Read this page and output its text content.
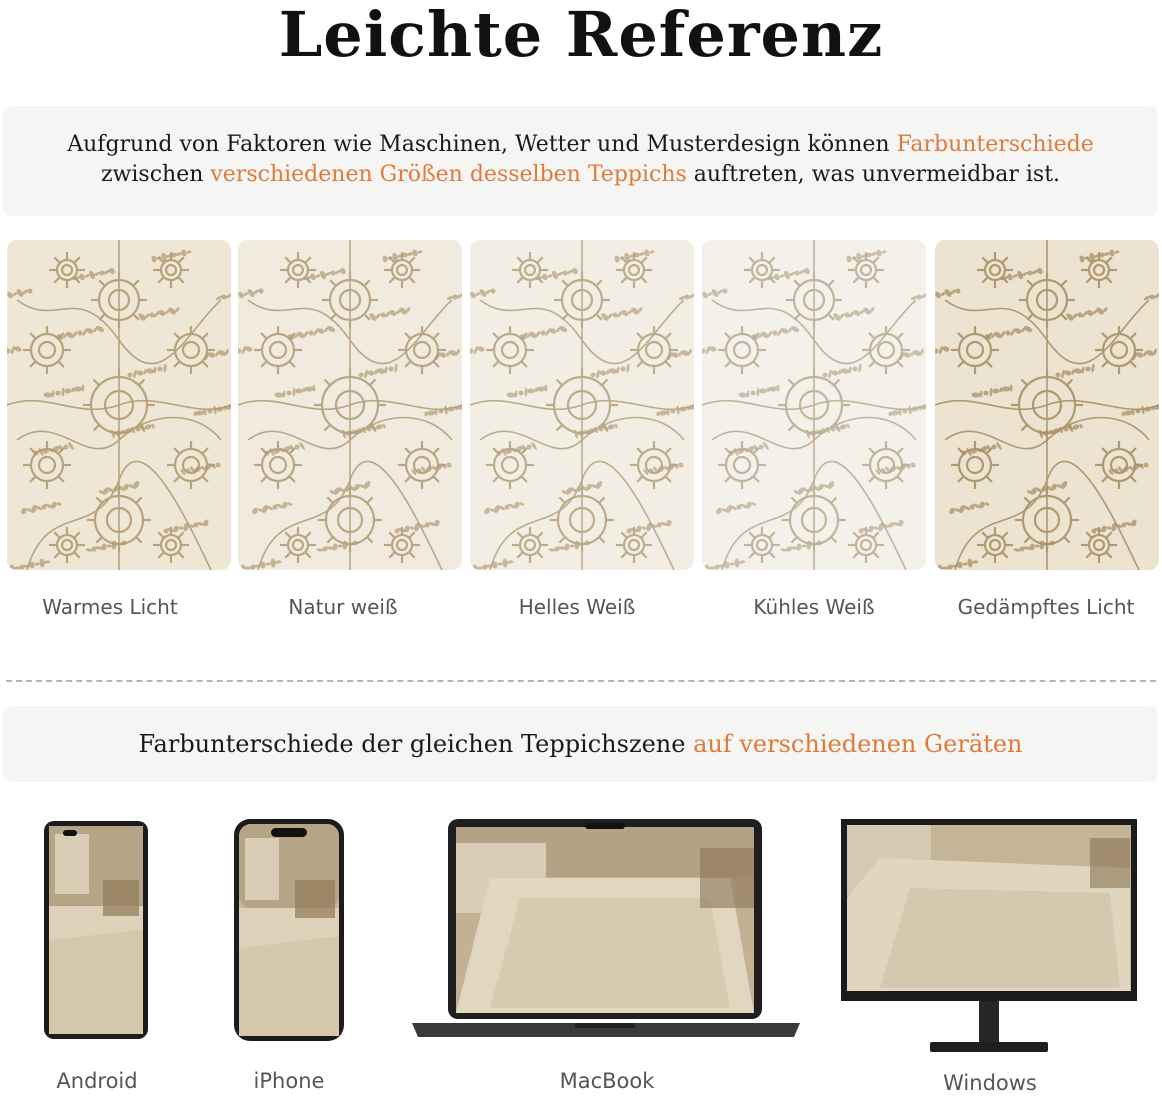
Leichte Referenz
Aufgrund von Faktoren wie Maschinen, Wetter und Musterdesign können Farbunterschiede
zwischen verschiedenen Größen desselben Teppichs auftreten, was unvermeidbar ist.
Warmes Licht	Natur weiß	Helles Weiß	Kühles Weiß	Gedämpftes Licht
Farbunterschiede der gleichen Teppichszene auf verschiedenen Geräten
Android	iPhone	MacBook	Windows
